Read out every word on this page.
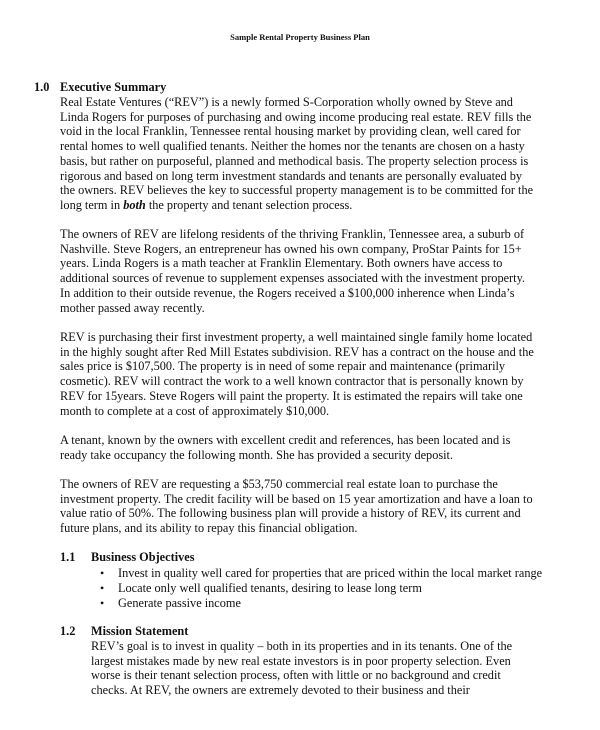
Sample Rental Property Business Plan
1.0 Executive Summary
Real Estate Ventures (“REV”) is a newly formed S-Corporation wholly owned by Steve and
Linda Rogers for purposes of purchasing and owing income producing real estate. REV fills the
void in the local Franklin, Tennessee rental housing market by providing clean, well cared for
rental homes to well qualified tenants. Neither the homes nor the tenants are chosen on a hasty
basis, but rather on purposeful, planned and methodical basis. The property selection process is
rigorous and based on long term investment standards and tenants are personally evaluated by
the owners. REV believes the key to successful property management is to be committed for the
long term in both the property and tenant selection process.
The owners of REV are lifelong residents of the thriving Franklin, Tennessee area, a suburb of
Nashville. Steve Rogers, an entrepreneur has owned his own company, ProStar Paints for 15+
years. Linda Rogers is a math teacher at Franklin Elementary. Both owners have access to
additional sources of revenue to supplement expenses associated with the investment property.
In addition to their outside revenue, the Rogers received a $100,000 inherence when Linda’s
mother passed away recently.
REV is purchasing their first investment property, a well maintained single family home located
in the highly sought after Red Mill Estates subdivision. REV has a contract on the house and the
sales price is $107,500. The property is in need of some repair and maintenance (primarily
cosmetic). REV will contract the work to a well known contractor that is personally known by
REV for 15years. Steve Rogers will paint the property. It is estimated the repairs will take one
month to complete at a cost of approximately $10,000.
A tenant, known by the owners with excellent credit and references, has been located and is
ready take occupancy the following month. She has provided a security deposit.
The owners of REV are requesting a $53,750 commercial real estate loan to purchase the
investment property. The credit facility will be based on 15 year amortization and have a loan to
value ratio of 50%. The following business plan will provide a history of REV, its current and
future plans, and its ability to repay this financial obligation.
1.1 Business Objectives
• Invest in quality well cared for properties that are priced within the local market range
• Locate only well qualified tenants, desiring to lease long term
• Generate passive income
1.2 Mission Statement
REV’s goal is to invest in quality – both in its properties and in its tenants. One of the
largest mistakes made by new real estate investors is in poor property selection. Even
worse is their tenant selection process, often with little or no background and credit
checks. At REV, the owners are extremely devoted to their business and their
